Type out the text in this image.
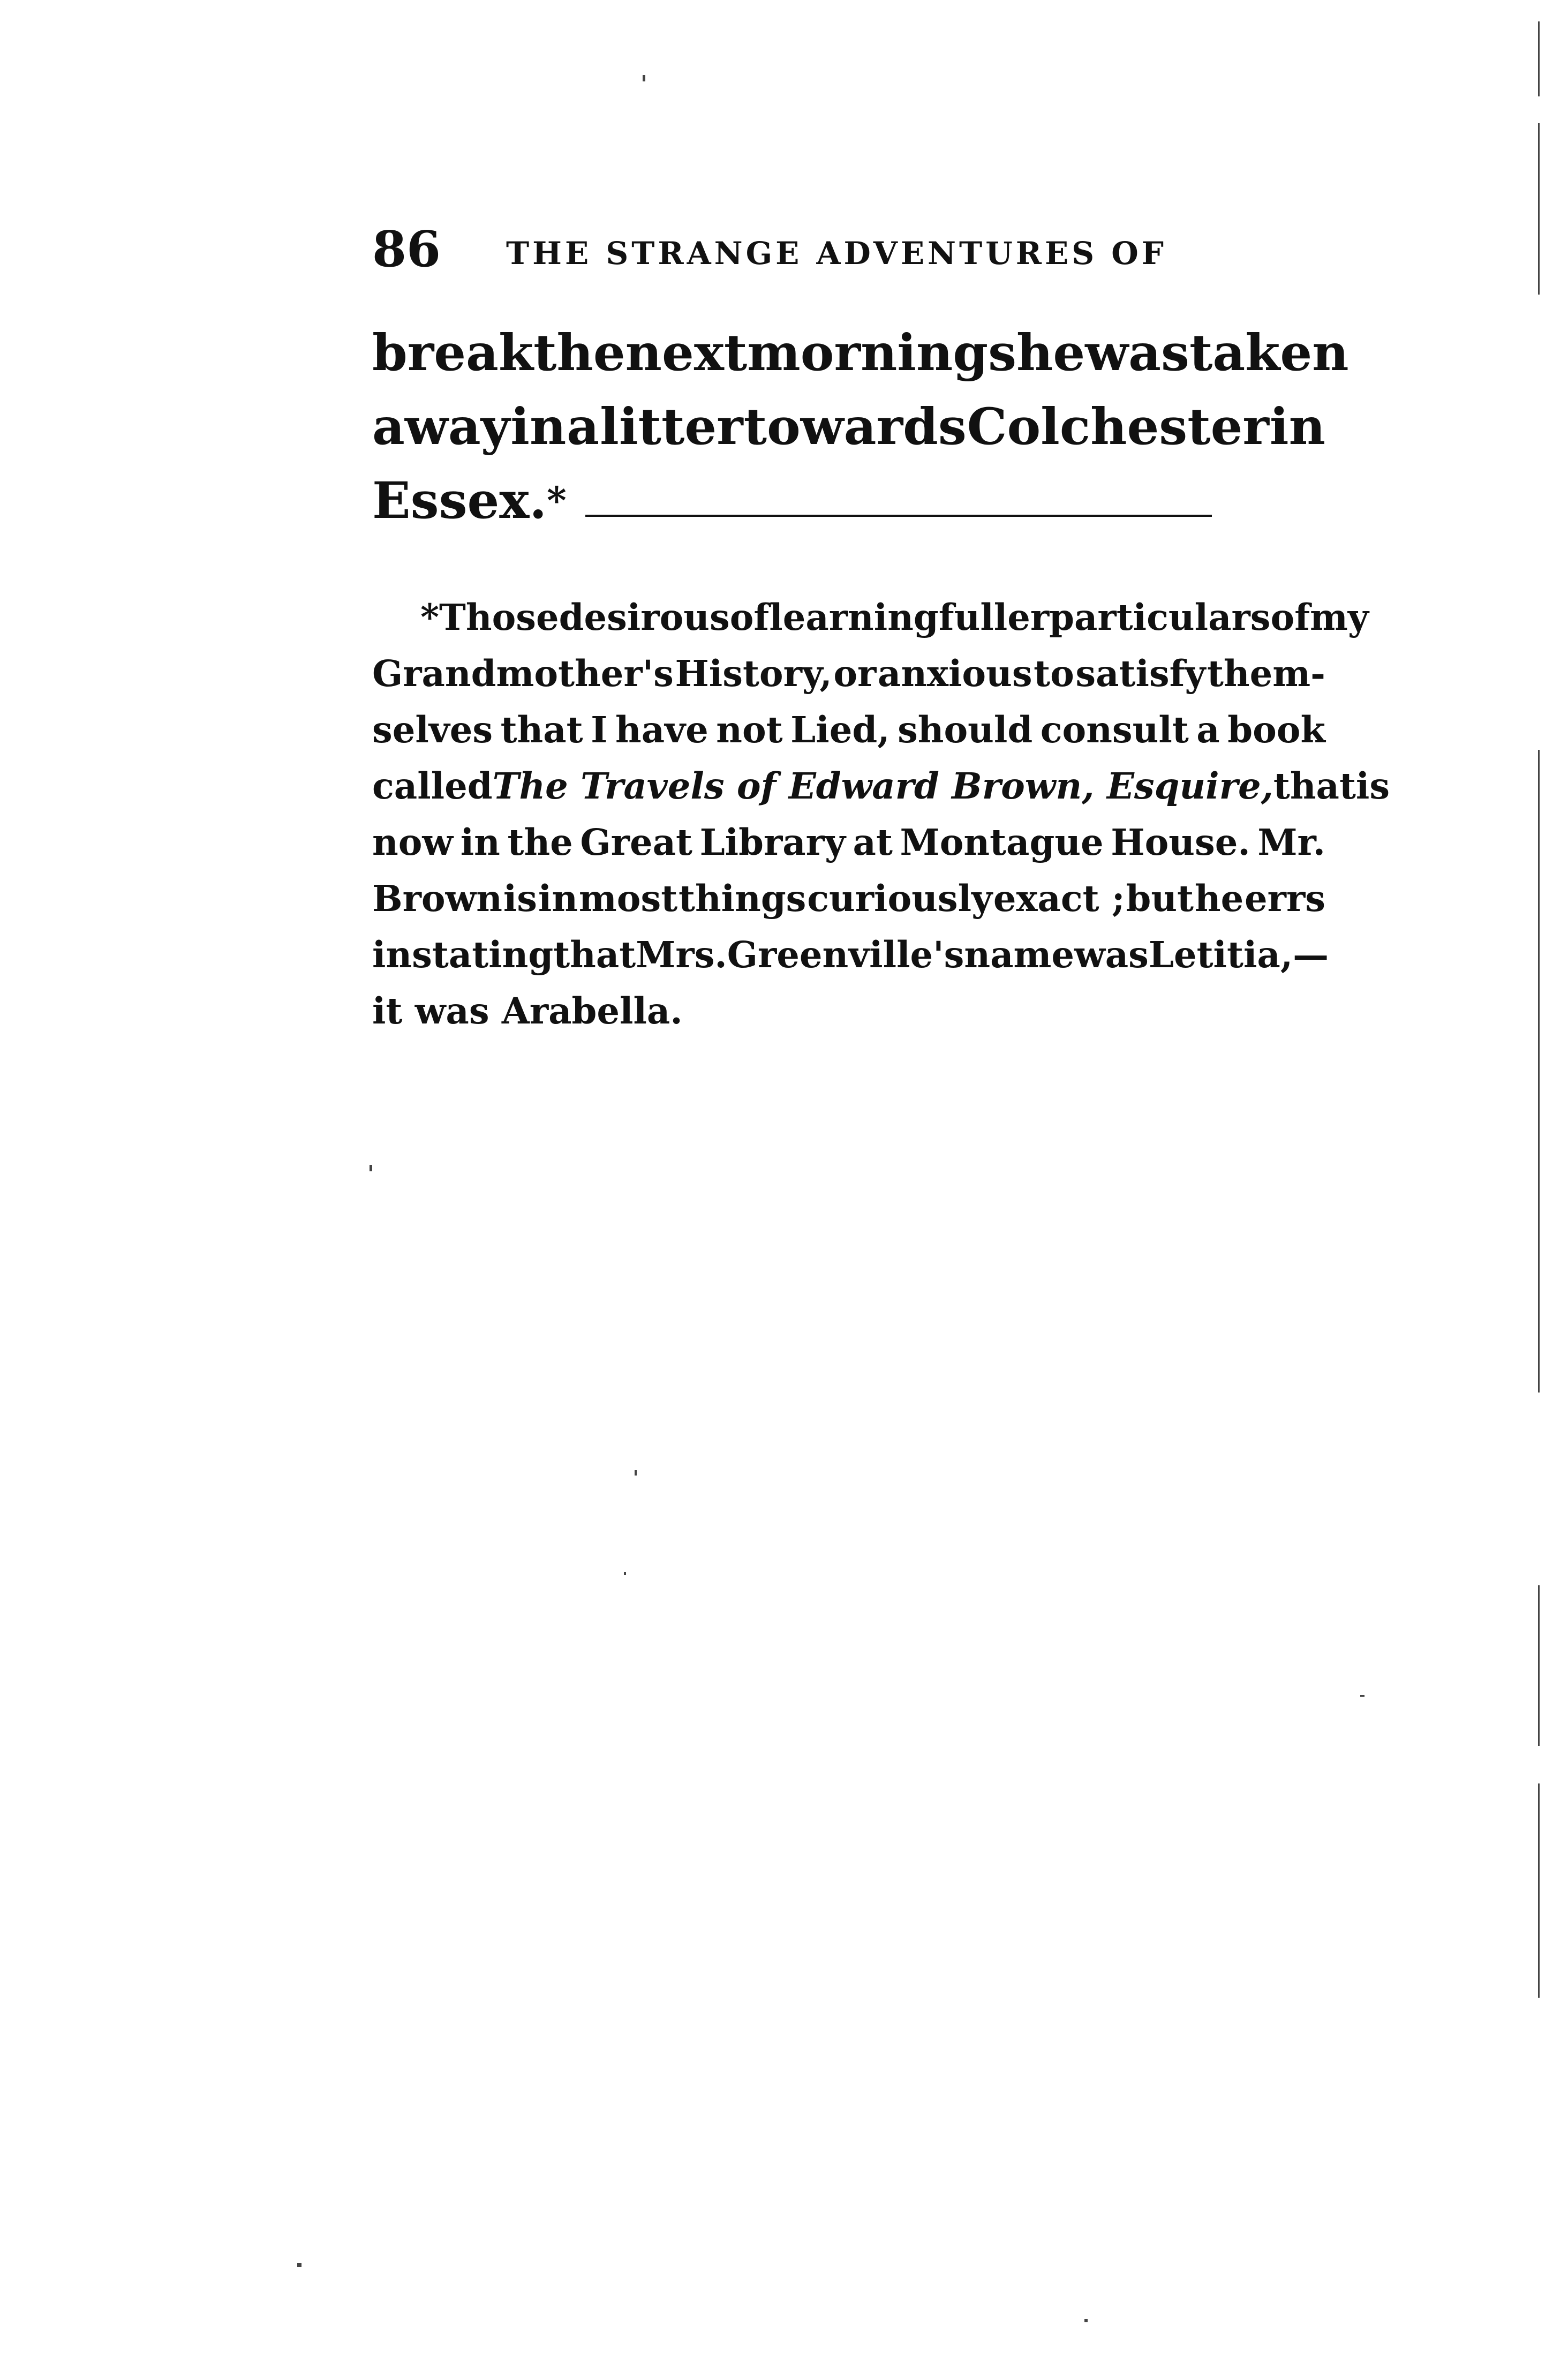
86 THE STRANGE ADVENTURES OF
break the next morning she was taken
away in a litter towards Colchester in
Essex. *
* Those desirous of learning fuller particulars of my
Grandmother's History, or anxious to satisfy them-
selves that I have not Lied, should consult a book
called The Travels of Edward Brown, Esquire, that is
now in the Great Library at Montague House. Mr.
Brown is in most things curiously exact ; but he errs
in stating that Mrs. Greenville's name was Letitia,—
it was Arabella.
